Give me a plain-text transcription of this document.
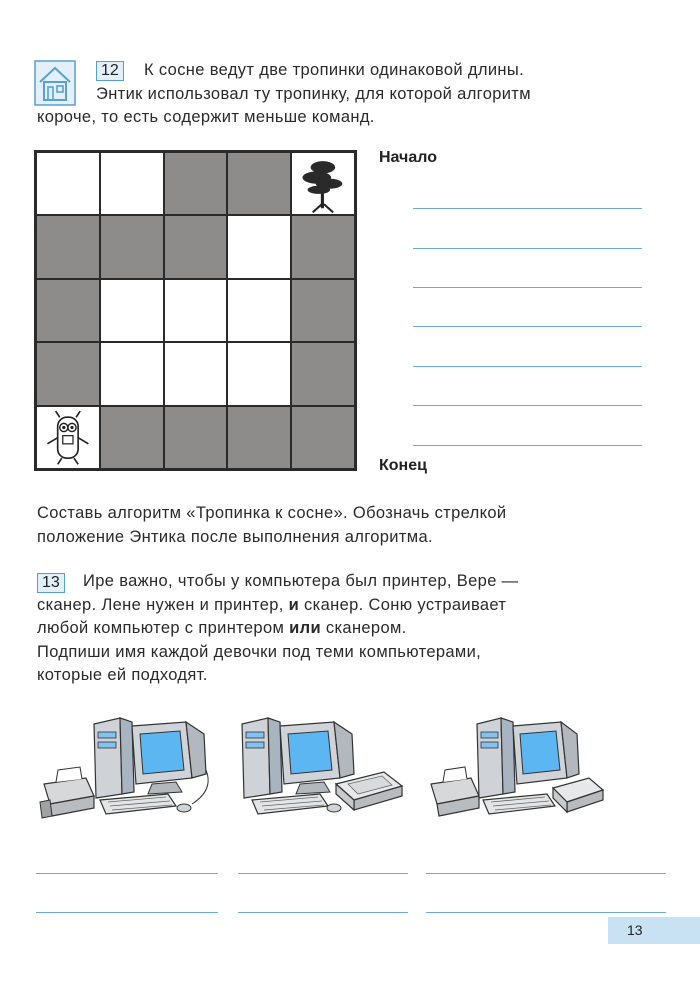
12	К сосне ведут две тропинки одинаковой длины.
Энтик использовал ту тропинку, для которой алгоритм
короче, то есть содержит меньше команд.
Начало
Конец
Составь алгоритм «Тропинка к сосне». Обозначь стрелкой
положение Энтика после выполнения алгоритма.
13	Ире важно, чтобы у компьютера был принтер, Вере —
сканер. Лене нужен и принтер, и сканер. Соню устраивает
любой компьютер с принтером или сканером.
Подпиши имя каждой девочки под теми компьютерами,
которые ей подходят.
13
